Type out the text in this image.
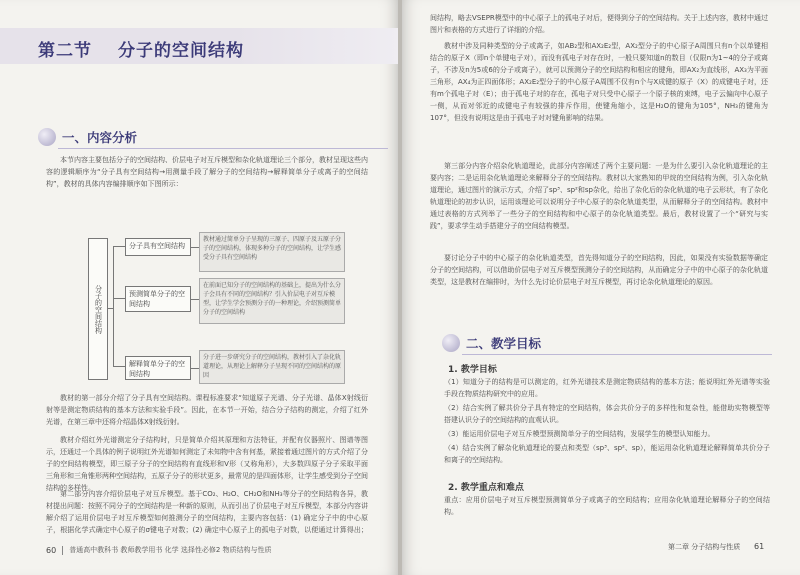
第二节 分子的空间结构
一、内容分析
本节内容主要包括分子的空间结构、价层电子对互斥模型和杂化轨道理论三个部分，教材呈现这些内容的逻辑顺序为“分子具有空间结构→用测量手段了解分子的空间结构→解释简单分子或离子的空间结构”，教材的具体内容编排顺序如下图所示：
分子的空间结构
分子具有空间结构
预测简单分子的空间结构
解释简单分子的空间结构
教材通过简单分子呈现的三原子、四原子及五原子分子的空间结构，体现多种分子的空间结构，让学生感受分子具有空间结构
在前面已知分子的空间结构的基础上，提出为什么分子会具有不同的空间结构？引入价层电子对互斥模型，让学生学会预测分子的一种理论，介绍预测简单分子的空间结构
分子进一步研究分子的空间结构，教材引入了杂化轨道理论，从理论上解释分子呈现不同的空间结构的原因
教材的第一部分介绍了分子具有空间结构。课程标准要求“知道原子光谱、分子光谱、晶体X射线衍射等是测定物质结构的基本方法和实验手段”。因此，在本节一开始，结合分子结构的测定，介绍了红外光谱，在第三章中还将介绍晶体X射线衍射。
教材介绍红外光谱测定分子结构时，只是简单介绍其原理和方法特征，并配有仪器照片、图谱等图示，还通过一个具体的例子说明红外光谱如何测定了未知物中含有何基，紧接着通过图片的方式介绍了分子的空间结构模型，即三原子分子的空间结构有直线形和V形（又称角形），大多数四原子分子采取平面三角形和三角锥形两种空间结构，五原子分子的形状更多，最常见的是四面体形，让学生感受到分子空间结构的多样性。
第二部分内容介绍价层电子对互斥模型。基于CO₂、H₂O、CH₂O和NH₃等分子的空间结构各异，教材提出问题：按照不同分子的空间结构是一种新的原则，从而引出了价层电子对互斥模型，本部分内容讲解介绍了运用价层电子对互斥模型如何推测分子的空间结构，主要内容包括：(1) 确定分子中的中心原子，根据化学式确定中心原子的σ键电子对数；(2) 确定中心原子上的孤电子对数，以便通过计算得出；
60 普通高中教科书 教师教学用书 化学 选择性必修2 物质结构与性质
间结构，略去VSEPR模型中的中心原子上的孤电子对后，便得到分子的空间结构。关于上述内容，教材中通过图片和表格的方式进行了详细的介绍。
教材中涉及同种类型的分子或离子，如AB₂型和AX₂E₂型，AX₂型分子的中心原子A周围只有n个以单键相结合的原子X（即n个单键电子对），而没有孤电子对存在时，一般只要知道n的数目（仅限n为1~4的分子或离子，不涉及n为5或6的分子或离子），就可以预测分子的空间结构和相应的键角，即AX₂为直线形，AX₃为平面三角形，AX₄为正四面体形；AX₂E₂型分子的中心原子A周围不仅有n个与X成键的原子（X）的成键电子对，还有m个孤电子对（E）；由于孤电子对的存在，孤电子对只受中心原子一个原子核的束缚，电子云偏向中心原子一侧，从而对邻近的成键电子有较强的排斥作用，使键角缩小，这是H₂O的键角为105°，NH₃的键角为107°，但没有说明这是由于孤电子对对键角影响的结果。
第三部分内容介绍杂化轨道理论，此部分内容阐述了两个主要问题：一是为什么要引入杂化轨道理论的主要内容；二是运用杂化轨道理论来解释分子的空间结构。教材以大家熟知的甲烷的空间结构为例，引入杂化轨道理论，通过图片的演示方式，介绍了sp³、sp²和sp杂化，给出了杂化后的杂化轨道的电子云形状，有了杂化轨道理论的初步认识，运用该理论可以说明分子中心原子的杂化轨道类型，从而解释分子的空间结构。教材中通过表格的方式列举了一些分子的空间结构和中心原子的杂化轨道类型。最后，教材设置了一个“研究与实践”，要求学生动手搭建分子的空间结构模型。
要讨论分子中的中心原子的杂化轨道类型，首先得知道分子的空间结构，因此，如果没有实验数据等确定分子的空间结构，可以借助价层电子对互斥模型预测分子的空间结构，从而确定分子中的中心原子的杂化轨道类型，这是教材在编排时，为什么先讨论价层电子对互斥模型，再讨论杂化轨道理论的原因。
二、教学目标
1. 教学目标
（1）知道分子的结构是可以测定的，红外光谱技术是测定物质结构的基本方法；能说明红外光谱等实验手段在物质结构研究中的应用。
（2）结合实例了解共价分子具有特定的空间结构，体会共价分子的多样性和复杂性，能借助实物模型等搭建认识分子的空间结构的直观认识。
（3）能运用价层电子对互斥模型预测简单分子的空间结构，发展学生的模型认知能力。
（4）结合实例了解杂化轨道理论的要点和类型（sp³、sp²、sp），能运用杂化轨道理论解释简单共价分子和离子的空间结构。
2. 教学重点和难点
重点：应用价层电子对互斥模型预测简单分子或离子的空间结构；应用杂化轨道理论解释分子的空间结构。
第二章 分子结构与性质 61
